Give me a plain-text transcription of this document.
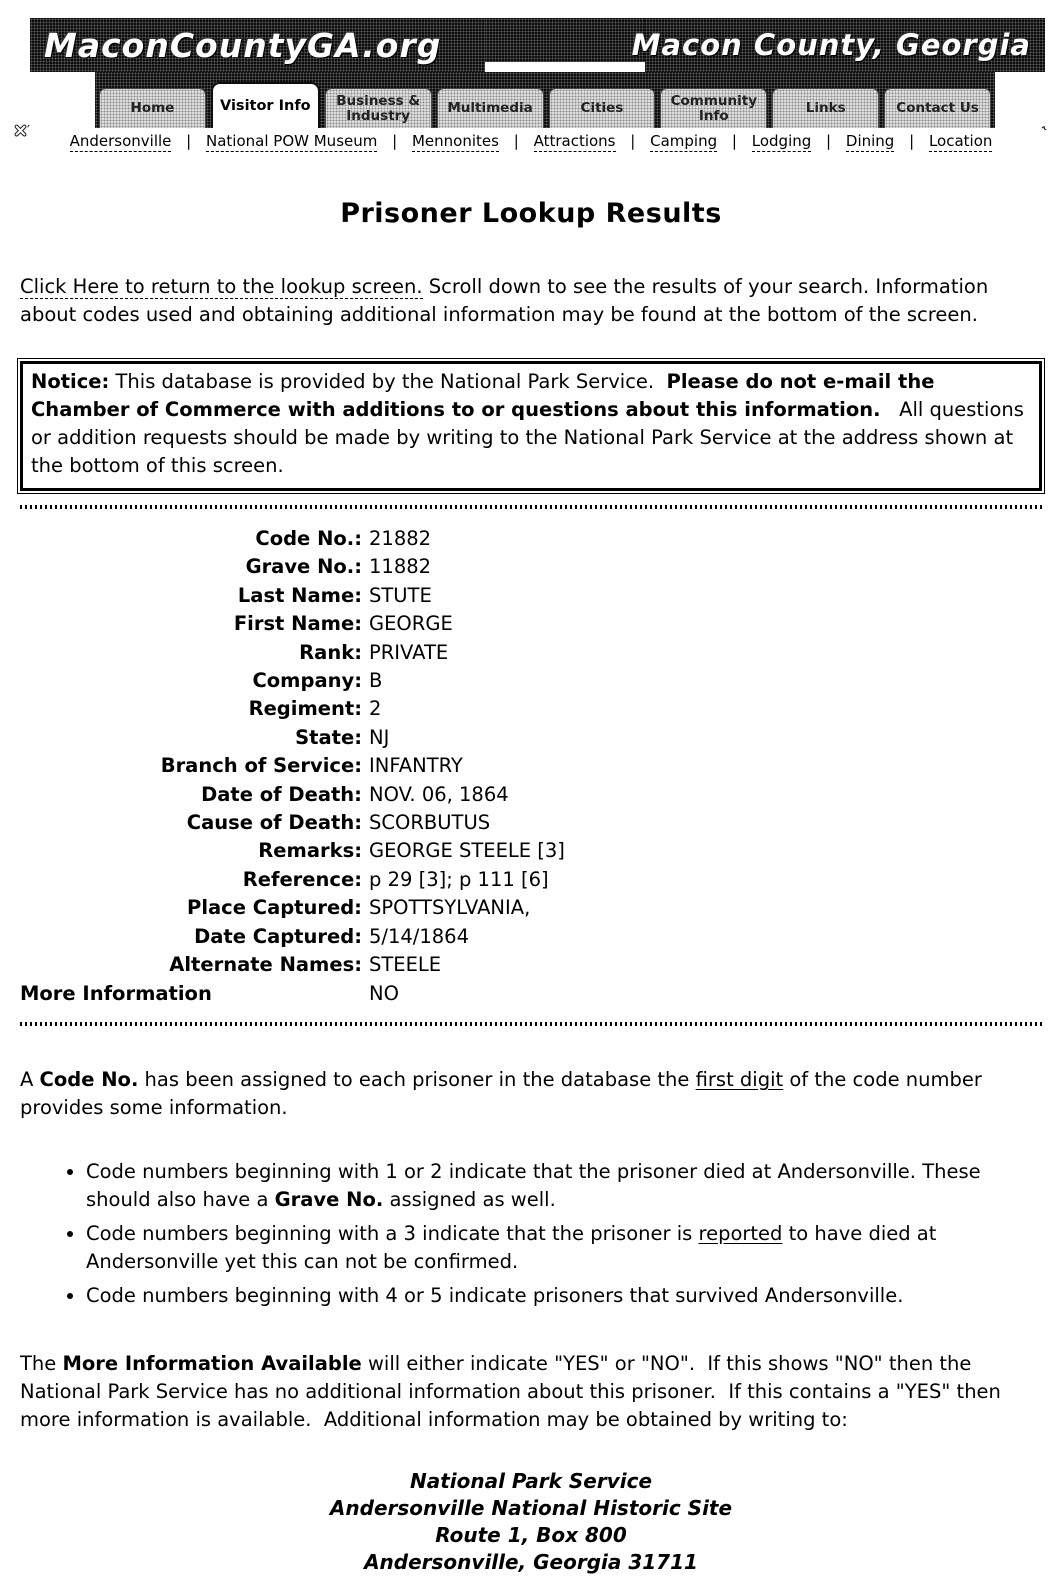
MaconCountyGA.org	Macon County, Georgia
Home	Visitor Info	Business & Industry	Multimedia	Cities	Community Info	Links	Contact Us
🯀′	˞
Andersonville | National POW Museum | Mennonites | Attractions | Camping | Lodging | Dining | Location
Prisoner Lookup Results

Click Here to return to the lookup screen. Scroll down to see the results of your search. Information about codes used and obtaining additional information may be found at the bottom of the screen.

Notice: This database is provided by the National Park Service.  Please do not e-mail the Chamber of Commerce with additions to or questions about this information.   All questions or addition requests should be made by writing to the National Park Service at the address shown at the bottom of this screen.
Code No.: 21882
Grave No.: 11882
Last Name: STUTE
First Name: GEORGE
Rank: PRIVATE
Company: B
Regiment: 2
State: NJ
Branch of Service: INFANTRY
Date of Death: NOV. 06, 1864
Cause of Death: SCORBUTUS
Remarks: GEORGE STEELE [3]
Reference: p 29 [3]; p 111 [6]
Place Captured: SPOTTSYLVANIA,
Date Captured: 5/14/1864
Alternate Names: STEELE
More Information	NO

A Code No. has been assigned to each prisoner in the database the first digit of the code number provides some information.

• Code numbers beginning with 1 or 2 indicate that the prisoner died at Andersonville. These should also have a Grave No. assigned as well.
• Code numbers beginning with a 3 indicate that the prisoner is reported to have died at Andersonville yet this can not be confirmed.
• Code numbers beginning with 4 or 5 indicate prisoners that survived Andersonville.

The More Information Available will either indicate "YES" or "NO".  If this shows "NO" then the National Park Service has no additional information about this prisoner.  If this contains a "YES" then more information is available.  Additional information may be obtained by writing to:

National Park Service
Andersonville National Historic Site
Route 1, Box 800
Andersonville, Georgia 31711
